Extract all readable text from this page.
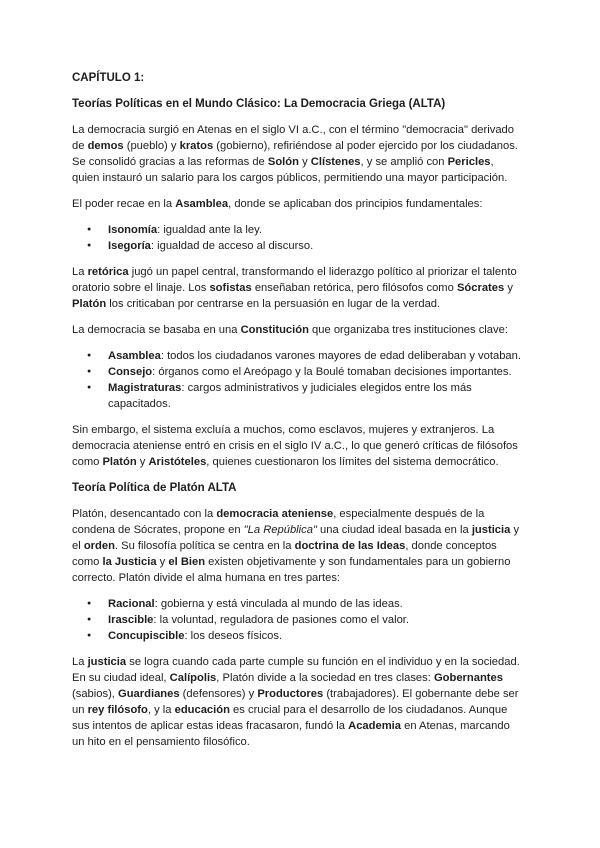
CAPÍTULO 1:
Teorías Políticas en el Mundo Clásico: La Democracia Griega (ALTA)

La democracia surgió en Atenas en el siglo VI a.C., con el término "democracia" derivado de demos (pueblo) y kratos (gobierno), refiriéndose al poder ejercido por los ciudadanos. Se consolidó gracias a las reformas de Solón y Clístenes, y se amplió con Pericles, quien instauró un salario para los cargos públicos, permitiendo una mayor participación.

El poder recae en la Asamblea, donde se aplicaban dos principios fundamentales:

● Isonomía: igualdad ante la ley.
● Isegoría: igualdad de acceso al discurso.

La retórica jugó un papel central, transformando el liderazgo político al priorizar el talento oratorio sobre el linaje. Los sofistas enseñaban retórica, pero filósofos como Sócrates y Platón los criticaban por centrarse en la persuasión en lugar de la verdad.

La democracia se basaba en una Constitución que organizaba tres instituciones clave:

● Asamblea: todos los ciudadanos varones mayores de edad deliberaban y votaban.
● Consejo: órganos como el Areópago y la Boulé tomaban decisiones importantes.
● Magistraturas: cargos administrativos y judiciales elegidos entre los más capacitados.

Sin embargo, el sistema excluía a muchos, como esclavos, mujeres y extranjeros. La democracia ateniense entró en crisis en el siglo IV a.C., lo que generó críticas de filósofos como Platón y Aristóteles, quienes cuestionaron los límites del sistema democrático.

Teoría Política de Platón ALTA

Platón, desencantado con la democracia ateniense, especialmente después de la condena de Sócrates, propone en "La República" una ciudad ideal basada en la justicia y el orden. Su filosofía política se centra en la doctrina de las Ideas, donde conceptos como la Justicia y el Bien existen objetivamente y son fundamentales para un gobierno correcto. Platón divide el alma humana en tres partes:

● Racional: gobierna y está vinculada al mundo de las ideas.
● Irascible: la voluntad, reguladora de pasiones como el valor.
● Concupiscible: los deseos físicos.

La justicia se logra cuando cada parte cumple su función en el individuo y en la sociedad. En su ciudad ideal, Calípolis, Platón divide a la sociedad en tres clases: Gobernantes (sabios), Guardianes (defensores) y Productores (trabajadores). El gobernante debe ser un rey filósofo, y la educación es crucial para el desarrollo de los ciudadanos. Aunque sus intentos de aplicar estas ideas fracasaron, fundó la Academia en Atenas, marcando un hito en el pensamiento filosófico.
